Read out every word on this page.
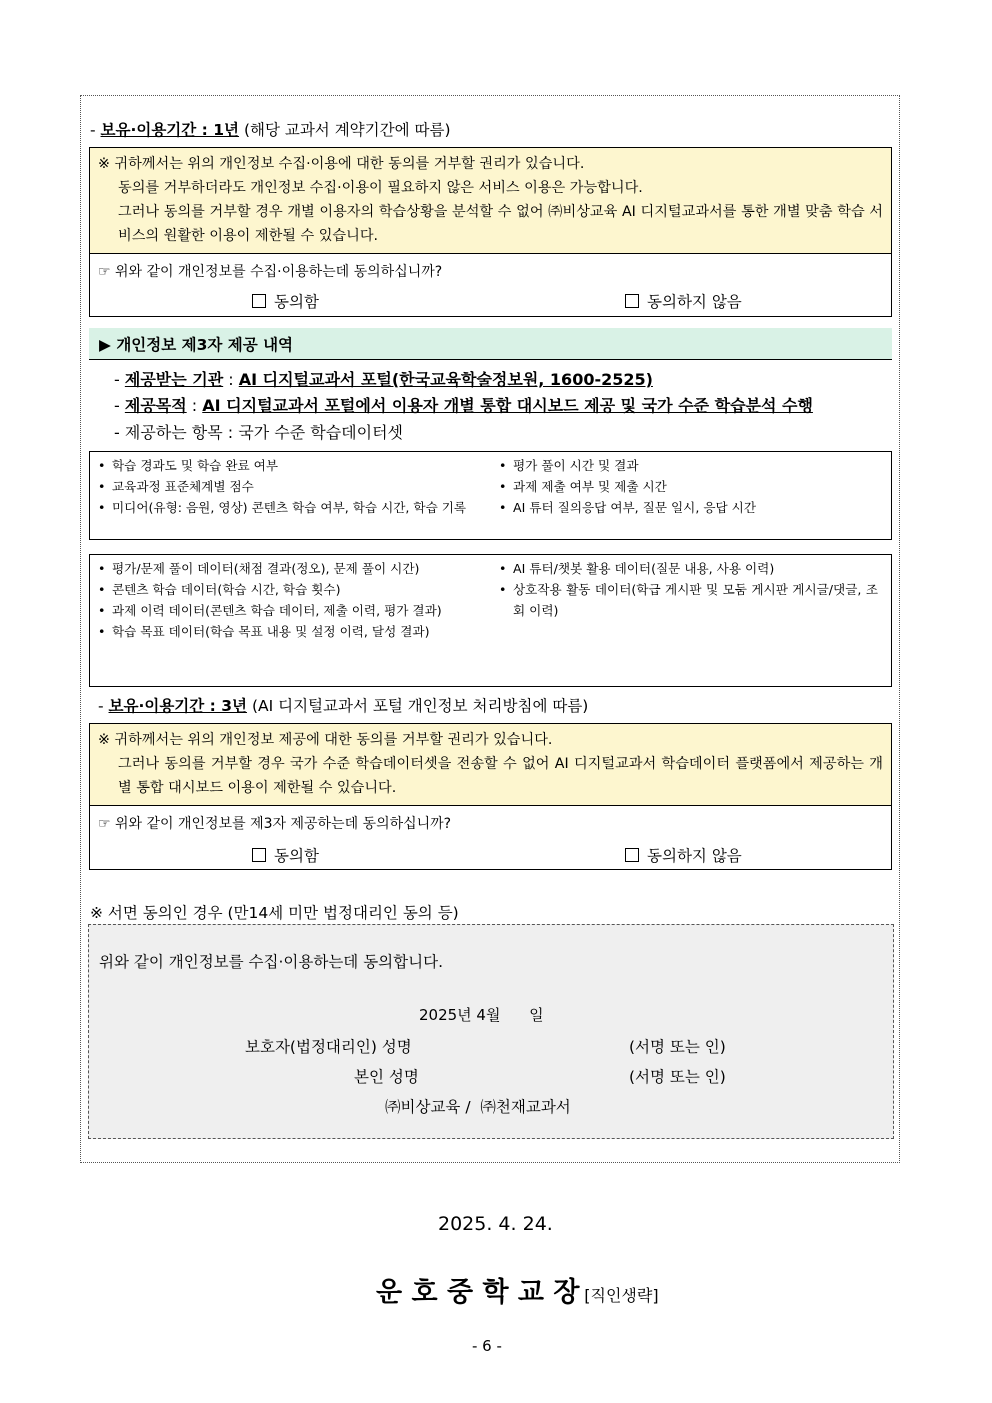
- 보유·이용기간 : 1년 (해당 교과서 계약기간에 따름)

※ 귀하께서는 위의 개인정보 수집·이용에 대한 동의를 거부할 권리가 있습니다.

동의를 거부하더라도 개인정보 수집·이용이 필요하지 않은 서비스 이용은 가능합니다.

그러나 동의를 거부할 경우 개별 이용자의 학습상황을 분석할 수 없어 ㈜비상교육 AI 디지털교과서를 통한 개별 맞춤 학습 서비스의 원활한 이용이 제한될 수 있습니다.

☞ 위와 같이 개인정보를 수집·이용하는데 동의하십니까?
동의함	동의하지 않음
▶ 개인정보 제3자 제공 내역
- 제공받는 기관 : AI 디지털교과서 포털(한국교육학술정보원, 1600-2525)
- 제공목적 : AI 디지털교과서 포털에서 이용자 개별 통합 대시보드 제공 및 국가 수준 학습분석 수행
- 제공하는 항목 : 국가 수준 학습데이터셋
• 학습 경과도 및 학습 완료 여부
• 교육과정 표준체계별 점수
• 미디어(유형: 음원, 영상) 콘텐츠 학습 여부, 학습 시간, 학습 기록
• 평가 풀이 시간 및 결과
• 과제 제출 여부 및 제출 시간
• AI 튜터 질의응답 여부, 질문 일시, 응답 시간
• 평가/문제 풀이 데이터(채점 결과(정오), 문제 풀이 시간)
• 콘텐츠 학습 데이터(학습 시간, 학습 횟수)
• 과제 이력 데이터(콘텐츠 학습 데이터, 제출 이력, 평가 결과)
• 학습 목표 데이터(학습 목표 내용 및 설정 이력, 달성 결과)
• AI 튜터/챗봇 활용 데이터(질문 내용, 사용 이력)
• 상호작용 활동 데이터(학급 게시판 및 모둠 게시판 게시글/댓글, 조회 이력)
- 보유·이용기간 : 3년 (AI 디지털교과서 포털 개인정보 처리방침에 따름)

※ 귀하께서는 위의 개인정보 제공에 대한 동의를 거부할 권리가 있습니다.

그러나 동의를 거부할 경우 국가 수준 학습데이터셋을 전송할 수 없어 AI 디지털교과서 학습데이터 플랫폼에서 제공하는 개별 통합 대시보드 이용이 제한될 수 있습니다.

☞ 위와 같이 개인정보를 제3자 제공하는데 동의하십니까?
동의함	동의하지 않음
※ 서면 동의인 경우 (만14세 미만 법정대리인 동의 등)
위와 같이 개인정보를 수집·이용하는데 동의합니다.
2025년 4월      일
보호자(법정대리인) 성명	(서명 또는 인)
본인 성명	(서명 또는 인)
㈜비상교육 /  ㈜천재교과서
2025. 4. 24.
운 호 중 학 교 장 [직인생략]
- 6 -
